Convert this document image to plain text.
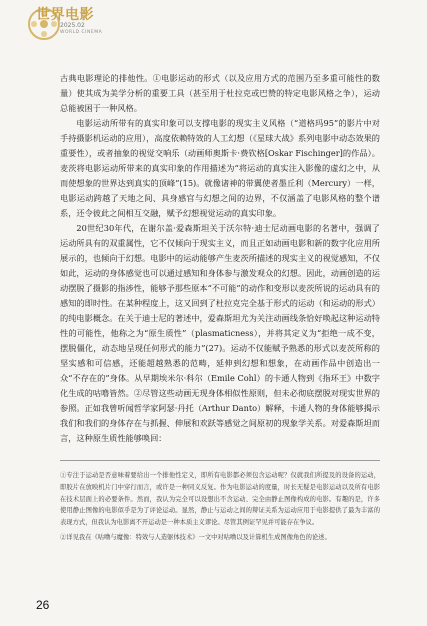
世界电影
2025.02
WORLD CINEMA

古典电影理论的排他性。①电影运动的形式（以及应用方式的范围乃至多重可能性的数量）使其成为美学分析的重要工具（甚至用于杜拉克或巴赞的特定电影风格之争），运动总能被困于一种风格。

电影运动所带有的真实印象可以支撑电影的现实主义风格（“道格玛95”的影片中对手持摄影机运动的应用），高度依赖特效的人工幻想（《星球大战》系列电影中动态效果的重要性），或者抽象的视觉交响乐（动画师奥斯卡·费钦格[Oskar Fischinger]的作品）。麦茨将电影运动所带来的真实印象的作用描述为“将运动的真实注入影像的虚幻之中，从而使想象的世界达到真实的顶峰”(15)。就像诸神的带翼使者墨丘利（Mercury）一样，电影运动跨越了天地之间、具身感官与幻想之间的边界，不仅涵盖了电影风格的整个谱系，还令彼此之间相互交融，赋予幻想视觉运动的真实印象。

20世纪30年代，在谢尔盖·爱森斯坦关于沃尔特·迪士尼动画电影的名著中，强调了运动所具有的双重属性，它不仅倾向于现实主义，而且正如动画电影和新的数字化应用所展示的，也倾向于幻想。电影中的运动能够产生麦茨所描述的现实主义的视觉感知，不仅如此，运动的身体感觉也可以通过感知和身体参与激发观众的幻想。因此，动画创造的运动摆脱了摄影的指涉性，能够予那些原本“不可能”的动作和变形以麦茨所说的运动具有的感知的即时性。在某种程度上，这又回到了杜拉克完全基于形式的运动（和运动的形式）的纯电影概念。在关于迪士尼的著述中，爱森斯坦尤为关注动画线条恰好唤起这种运动特性的可能性，他称之为“原生质性”（plasmaticness），并将其定义为“拒绝一成不变，摆脱僵化，动态地呈现任何形式的能力”(27)。运动不仅能赋予熟悉的形式以麦茨所称的坚实感和可信感，还能超越熟悉的范畴，延伸到幻想和想象，在动画作品中创造出一众“不存在的”身体。从早期埃米尔·科尔（Emile Cohl）的卡通人物到《指环王》中数字化生成的咕噜皆然。②尽管这些动画无现身体相似性原则，但未必彻底摆脱对现实世界的参照。正如我曾听闻哲学家阿瑟·丹托（Arthur Danto）解释，卡通人物的身体能够揭示我们和我们的身体存在与抓握、伸展和欢跃等感觉之间原初的现象学关系。对爱森斯坦而言，这种原生质性能够唤回：

①专注于运动是否意味着要给出一个排他性定义，即所有电影都必须包含运动呢？仅就我们所提及的设备的运动，即胶片在放映机片门中穿行而言，或许是一种同义反复。作为电影运动的度量，时长无疑是电影运动以及所有电影在技术层面上的必要条件。然而，我认为完全可以设想出不含运动、完全由静止图像构成的电影。有趣的是，许多使用静止图像的电影似乎是为了评论运动。显然，静止与运动之间的辩证关系为运动应用于电影提供了最为丰富的表现方式，但我认为电影离不开运动是一种本质主义谬论。尽管其例证罕见并可能存在争议。

②详见我在《咕噜与魔像：特效与人造躯体技术》一文中对咕噜以及计算机生成图像角色的论述。

26
